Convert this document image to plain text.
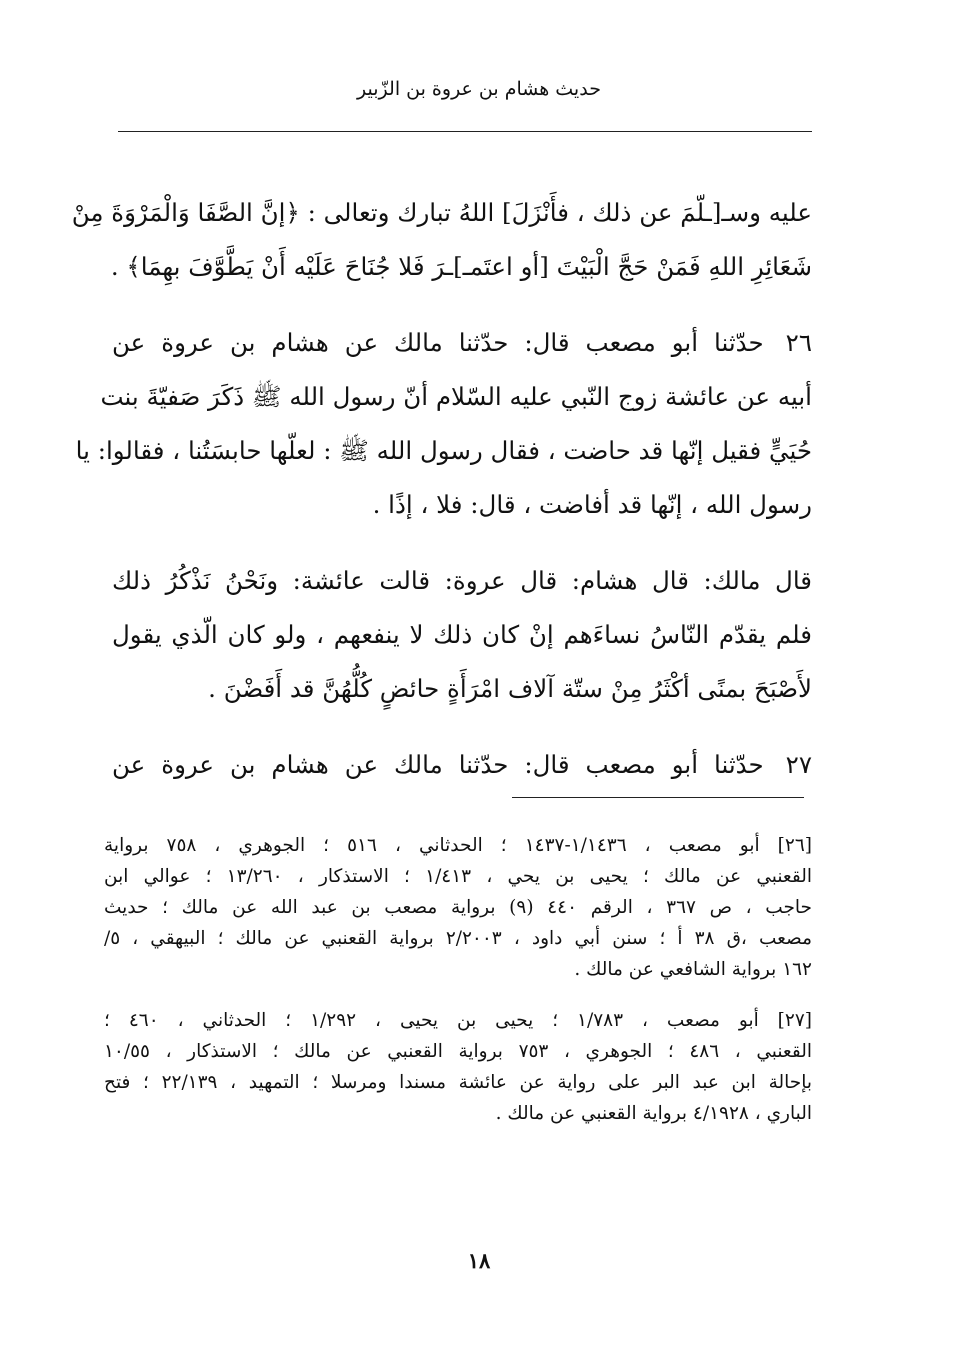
حديث هشام بن عروة بن الزّبير

عليه وسـ[ـلّمَ عن ذلك ، فأَنْزَلَ] اللهُ تبارك وتعالى : ﴿إنَّ الصَّفَا وَالْمَرْوَةَ مِنْ
شَعَائِرِ اللهِ فَمَنْ حَجَّ الْبَيْتَ [أو اعتَمـ]ـرَ فَلا جُنَاحَ عَلَيْه أَنْ يَطَّوَّفَ بهِمَا﴾ .

٢٦حدّثنا أبو مصعب قال: حدّثنا مالك عن هشام بن عروة عن
أبيه عن عائشة زوج النّبي عليه السّلام أنّ رسول الله ﷺ ذَكَرَ صَفيّةَ بنت
حُيَيٍّ فقيل إنّها قد حاضت ، فقال رسول الله ﷺ : لعلّها حابسَتُنا ، فقالوا: يا
رسول الله ، إنّها قد أفاضت ، قال: فلا ، إذًا .

قال مالك: قال هشام: قال عروة: قالت عائشة: ونَحْنُ نَذْكُرُ ذلك
فلم يقدّم النّاسُ نساءَهم إنْ كان ذلك لا ينفعهم ، ولو كان الّذي يقول
لأَصْبَحَ بمنًى أكْثَرُ مِنْ ستّة آلاف امْرَأَةٍ حائضٍ كُلُّهُنَّ قد أَفَضْنَ .

٢٧حدّثنا أبو مصعب قال: حدّثنا مالك عن هشام بن عروة عن

[٢٦] أبو مصعب ، ١/١٤٣٦-١٤٣٧ ؛ الحدثاني ، ٥١٦ ؛ الجوهري ، ٧٥٨ برواية
القعنبي عن مالك ؛ يحيى بن يحي ، ١/٤١٣ ؛ الاستذكار ، ١٣/٢٦٠ ؛ عوالي ابن
حاجب ، ص ٣٦٧ ، الرقم ٤٤٠ (٩) برواية مصعب بن عبد الله عن مالك ؛ حديث
مصعب ،ق ٣٨ أ ؛ سنن أبي داود ، ٢/٢٠٠٣ برواية القعنبي عن مالك ؛ البيهقي ، ٥/
١٦٢ برواية الشافعي عن مالك .

[٢٧] أبو مصعب ، ١/٧٨٣ ؛ يحيى بن يحيى ، ١/٢٩٢ ؛ الحدثاني ، ٤٦٠ ؛
القعنبي ، ٤٨٦ ؛ الجوهري ، ٧٥٣ برواية القعنبي عن مالك ؛ الاستذكار ، ١٠/٥٥
بإحالة ابن عبد البر على رواية عن عائشة مسندا ومرسلا ؛ التمهيد ، ٢٢/١٣٩ ؛ فتح
الباري ، ٤/١٩٢٨ برواية القعنبي عن مالك .

١٨
